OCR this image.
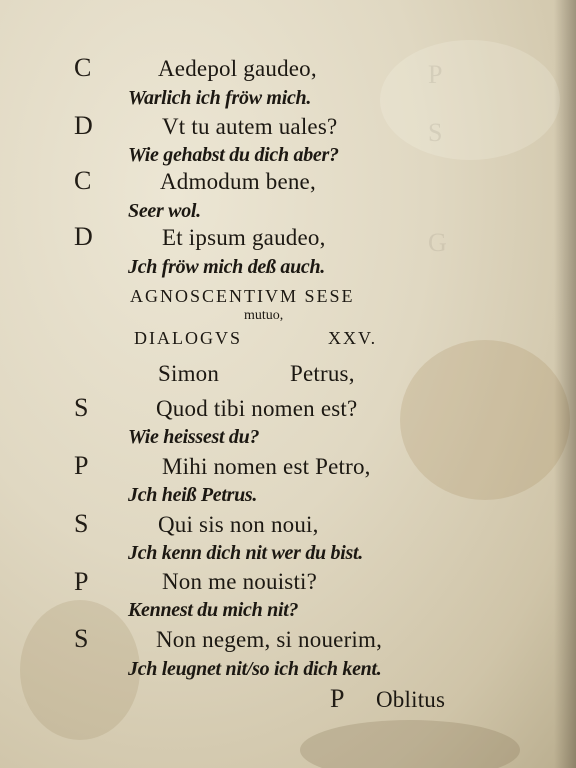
P
S
G
C
D
C
D
S
P
S
P
S
Aedepol gaudeo,
Warlich ich fröw mich.
Vt tu autem uales?
Wie gehabst du dich aber?
Admodum bene,
Seer wol.
Et ipsum gaudeo,
Jch fröw mich deß auch.
AGNOSCENTIVM SESE
mutuo,
DIALOGVS	XXV.
Simon	Petrus,
Quod tibi nomen est?
Wie heissest du?
Mihi nomen est Petro,
Jch heiß Petrus.
Qui sis non noui,
Jch kenn dich nit wer du bist.
Non me nouisti?
Kennest du mich nit?
Non negem, si nouerim,
Jch leugnet nit/so ich dich kent.
P Oblitus
